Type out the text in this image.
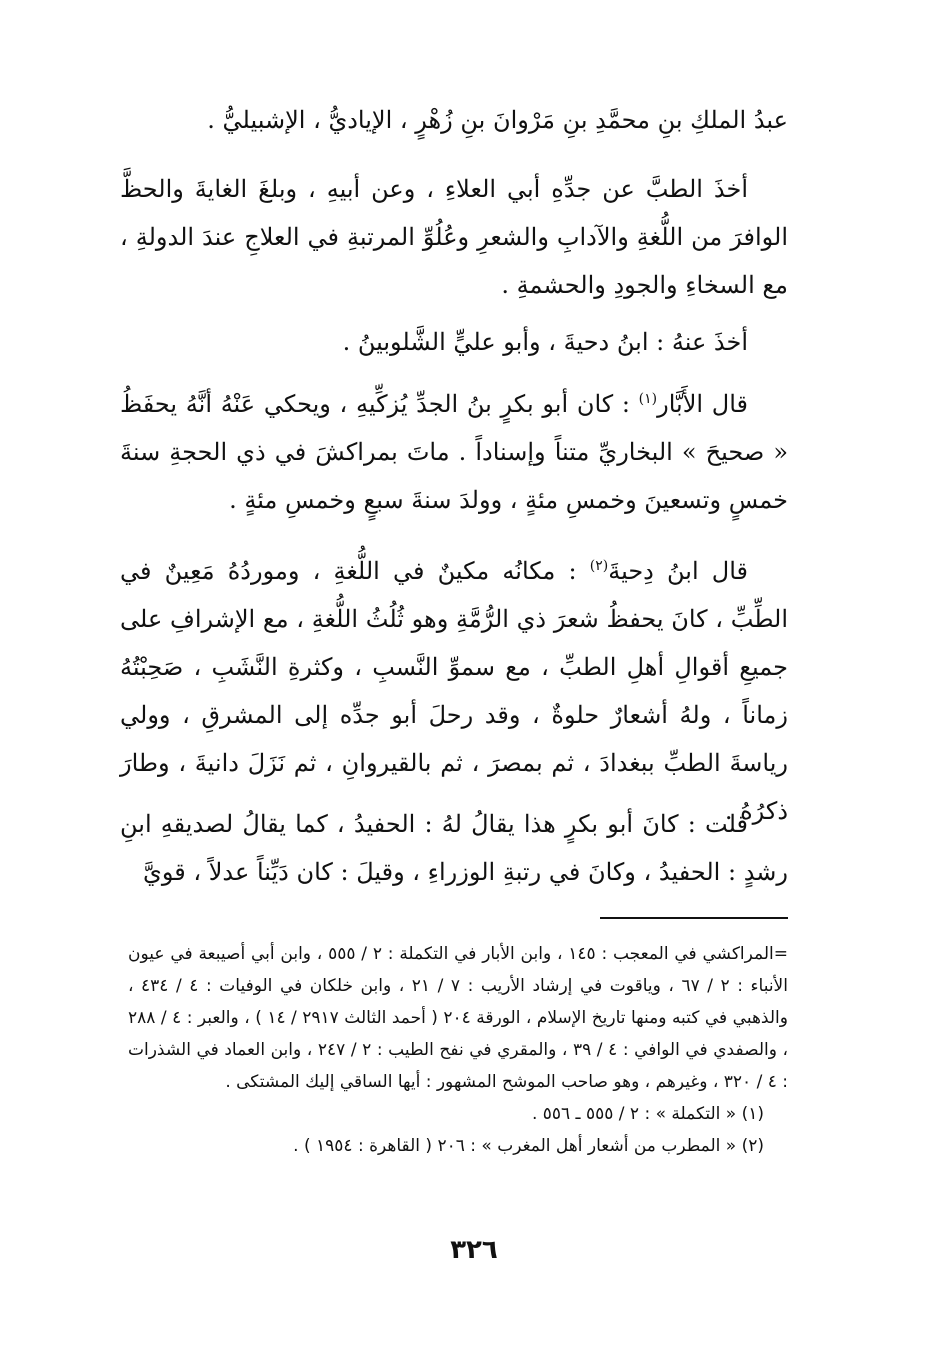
عبدُ الملكِ بنِ محمَّدِ بنِ مَرْوانَ بنِ زُهْرٍ ، الإياديُّ ، الإشبيليُّ .
أخذَ الطبَّ عن جدِّهِ أبي العلاءِ ، وعن أبيهِ ، وبلغَ الغايةَ والحظَّ الوافرَ من اللُّغةِ والآدابِ والشعرِ وعُلُوِّ المرتبةِ في العلاجِ عندَ الدولةِ ، مع السخاءِ والجودِ والحشمةِ .
أخذَ عنهُ : ابنُ دحيةَ ، وأبو عليٍّ الشَّلوبينُ .
قال الأَبَّار$^{(١)}$ : كان أبو بكرٍ بنُ الجدِّ يُزكِّيهِ ، ويحكي عَنْهُ أنَّهُ يحفَظُ « صحيحَ » البخاريِّ متناً وإسناداً . ماتَ بمراكشَ في ذي الحجةِ سنةَ خمسٍ وتسعينَ وخمسِ مئةٍ ، وولدَ سنةَ سبعٍ وخمسِ مئةٍ .
قال ابنُ دِحيةَ$^{(٢)}$ : مكانُه مكينٌ في اللُّغةِ ، وموردُهُ مَعِينٌ في الطِّبِّ ، كانَ يحفظُ شعرَ ذي الرُّمَّةِ وهو ثُلُثُ اللُّغةِ ، مع الإشرافِ على جميعِ أقوالِ أهلِ الطبِّ ، مع سموِّ النَّسبِ ، وكثرةِ النَّشَبِ ، صَحِبْتُهُ زماناً ، ولهُ أشعارٌ حلوةٌ ، وقد رحلَ أبو جدِّه إلى المشرقِ ، وولي رياسةَ الطبِّ ببغدادَ ، ثم بمصرَ ، ثم بالقيروانِ ، ثم نَزَلَ دانيةَ ، وطارَ ذكرُهُ .
قلت : كانَ أبو بكرٍ هذا يقالُ لهُ : الحفيدُ ، كما يقالُ لصديقهِ ابنِ رشدٍ : الحفيدُ ، وكانَ في رتبةِ الوزراءِ ، وقيلَ : كان دَيِّناً عدلاً ، قويَّ
=المراكشي في المعجب : ١٤٥ ، وابن الأبار في التكملة : ٢ / ٥٥٥ ، وابن أبي أصيبعة في عيون الأنباء : ٢ / ٦٧ ، وياقوت في إرشاد الأريب : ٧ / ٢١ ، وابن خلكان في الوفيات : ٤ / ٤٣٤ ، والذهبي في كتبه ومنها تاريخ الإسلام ، الورقة ٢٠٤ ( أحمد الثالث ٢٩١٧ / ١٤ ) ، والعبر : ٤ / ٢٨٨ ، والصفدي في الوافي : ٤ / ٣٩ ، والمقري في نفح الطيب : ٢ / ٢٤٧ ، وابن العماد في الشذرات : ٤ / ٣٢٠ ، وغيرهم ، وهو صاحب الموشح المشهور : أيها الساقي إليك المشتكى .
(١) « التكملة » : ٢ / ٥٥٥ ـ ٥٥٦ .
(٢) « المطرب من أشعار أهل المغرب » : ٢٠٦ ( القاهرة : ١٩٥٤ ) .
٣٢٦
